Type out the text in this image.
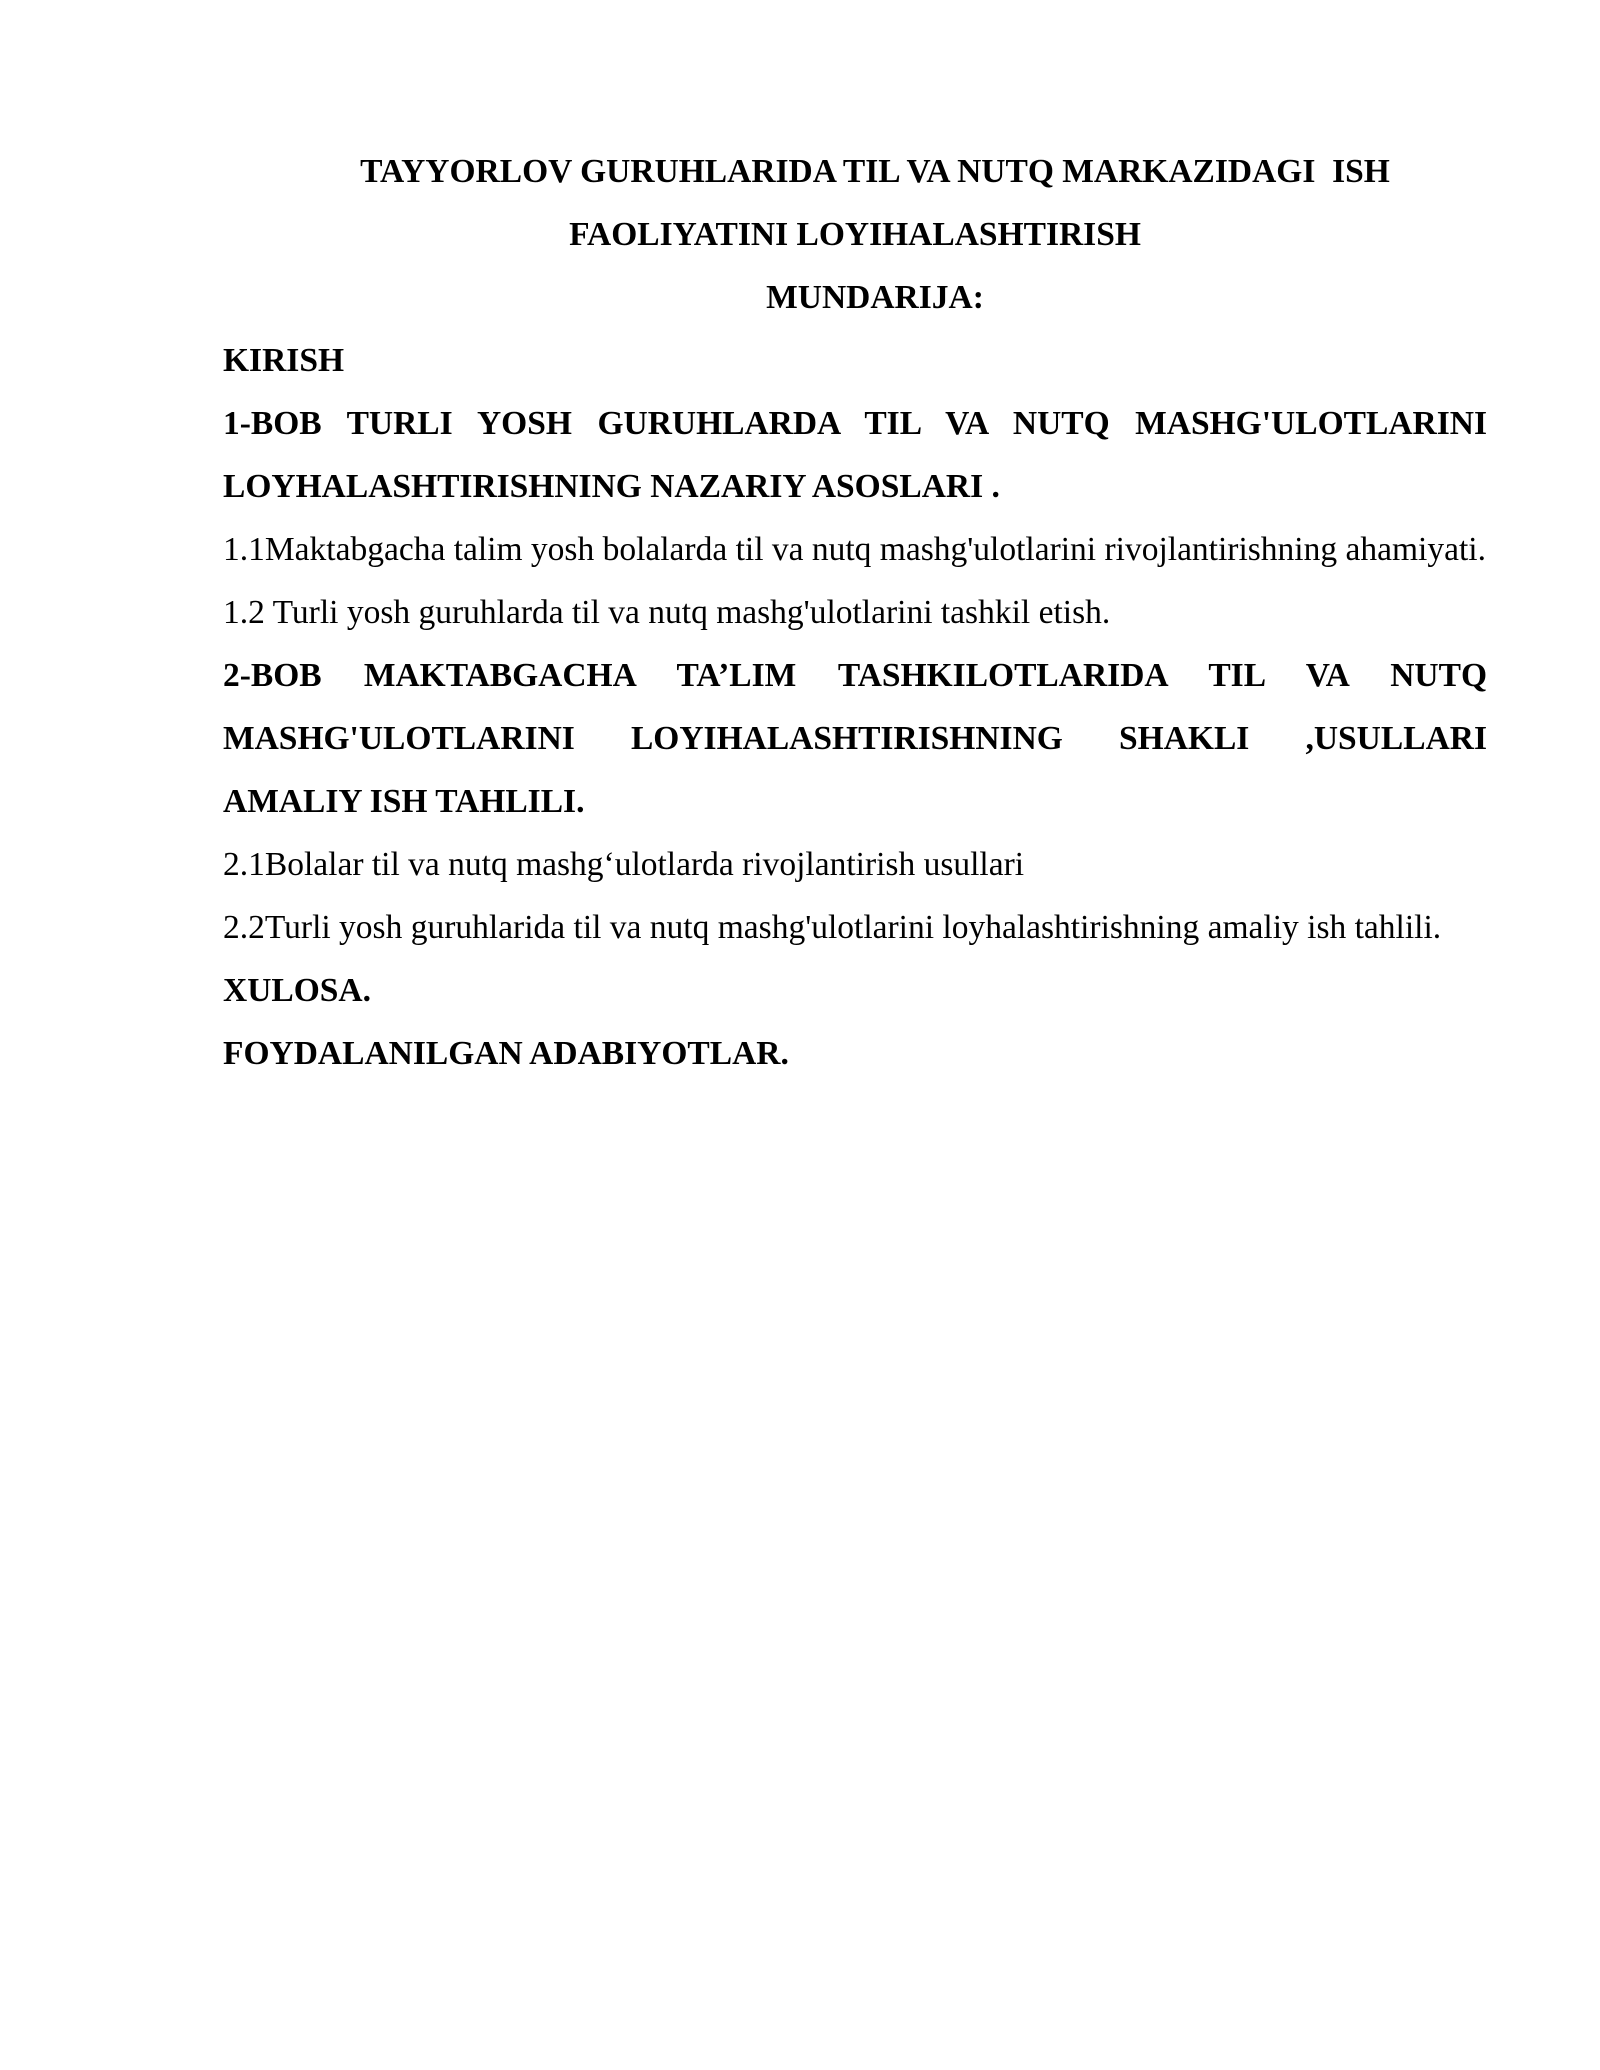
TAYYORLOV GURUHLARIDA TIL VA NUTQ MARKAZIDAGI  ISH

FAOLIYATINI LOYIHALASHTIRISH

MUNDARIJA:

KIRISH

1-BOB TURLI YOSH GURUHLARDA TIL VA NUTQ MASHG'ULOTLARINI LOYHALASHTIRISHNING NAZARIY ASOSLARI .

1.1Maktabgacha talim yosh bolalarda til va nutq mashg'ulotlarini rivojlantirishning ahamiyati.

1.2 Turli yosh guruhlarda til va nutq mashg'ulotlarini tashkil etish.

2-BOB MAKTABGACHA TA’LIM TASHKILOTLARIDA TIL VA NUTQ MASHG'ULOTLARINI LOYIHALASHTIRISHNING SHAKLI ,USULLARI AMALIY ISH TAHLILI.

2.1Bolalar til va nutq mashg‘ulotlarda rivojlantirish usullari

2.2Turli yosh guruhlarida til va nutq mashg'ulotlarini loyhalashtirishning amaliy ish tahlili.

XULOSA.

FOYDALANILGAN ADABIYOTLAR.
